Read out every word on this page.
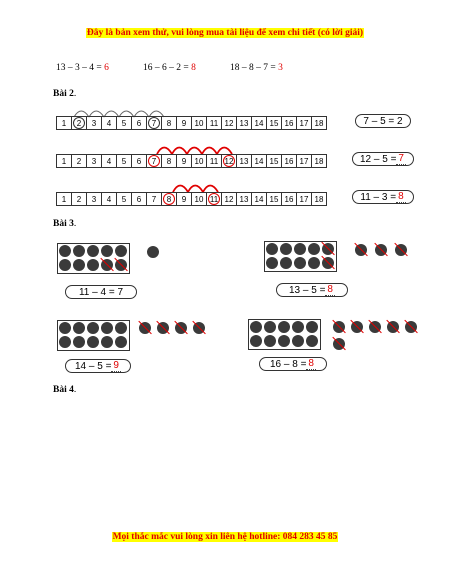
Đây là bản xem thử, vui lòng mua tài liệu để xem chi tiết (có lời giải)
13 – 3 – 4 = 6	16 – 6 – 2 = 8	18 – 8 – 7 = 3
Bài 2.
1	2	3	4	5	6	7	8	9	10 11 12 13 14 15 16 17 18	7 – 5 = 2
1	2	3	4	5	6	7	8	9	10 11 12 13 14 15 16 17 18	12 – 5 = 7
1	2	3	4	5	6	7	8	9	10 11 12 13 14 15 16 17 18	11 – 3 = 8
Bài 3.
11 – 4 = 7	13 – 5 = 8
14 – 5 = 9	16 – 8 = 8
Bài 4.
Mọi thắc mắc vui lòng xin liên hệ hotline: 084 283 45 85
